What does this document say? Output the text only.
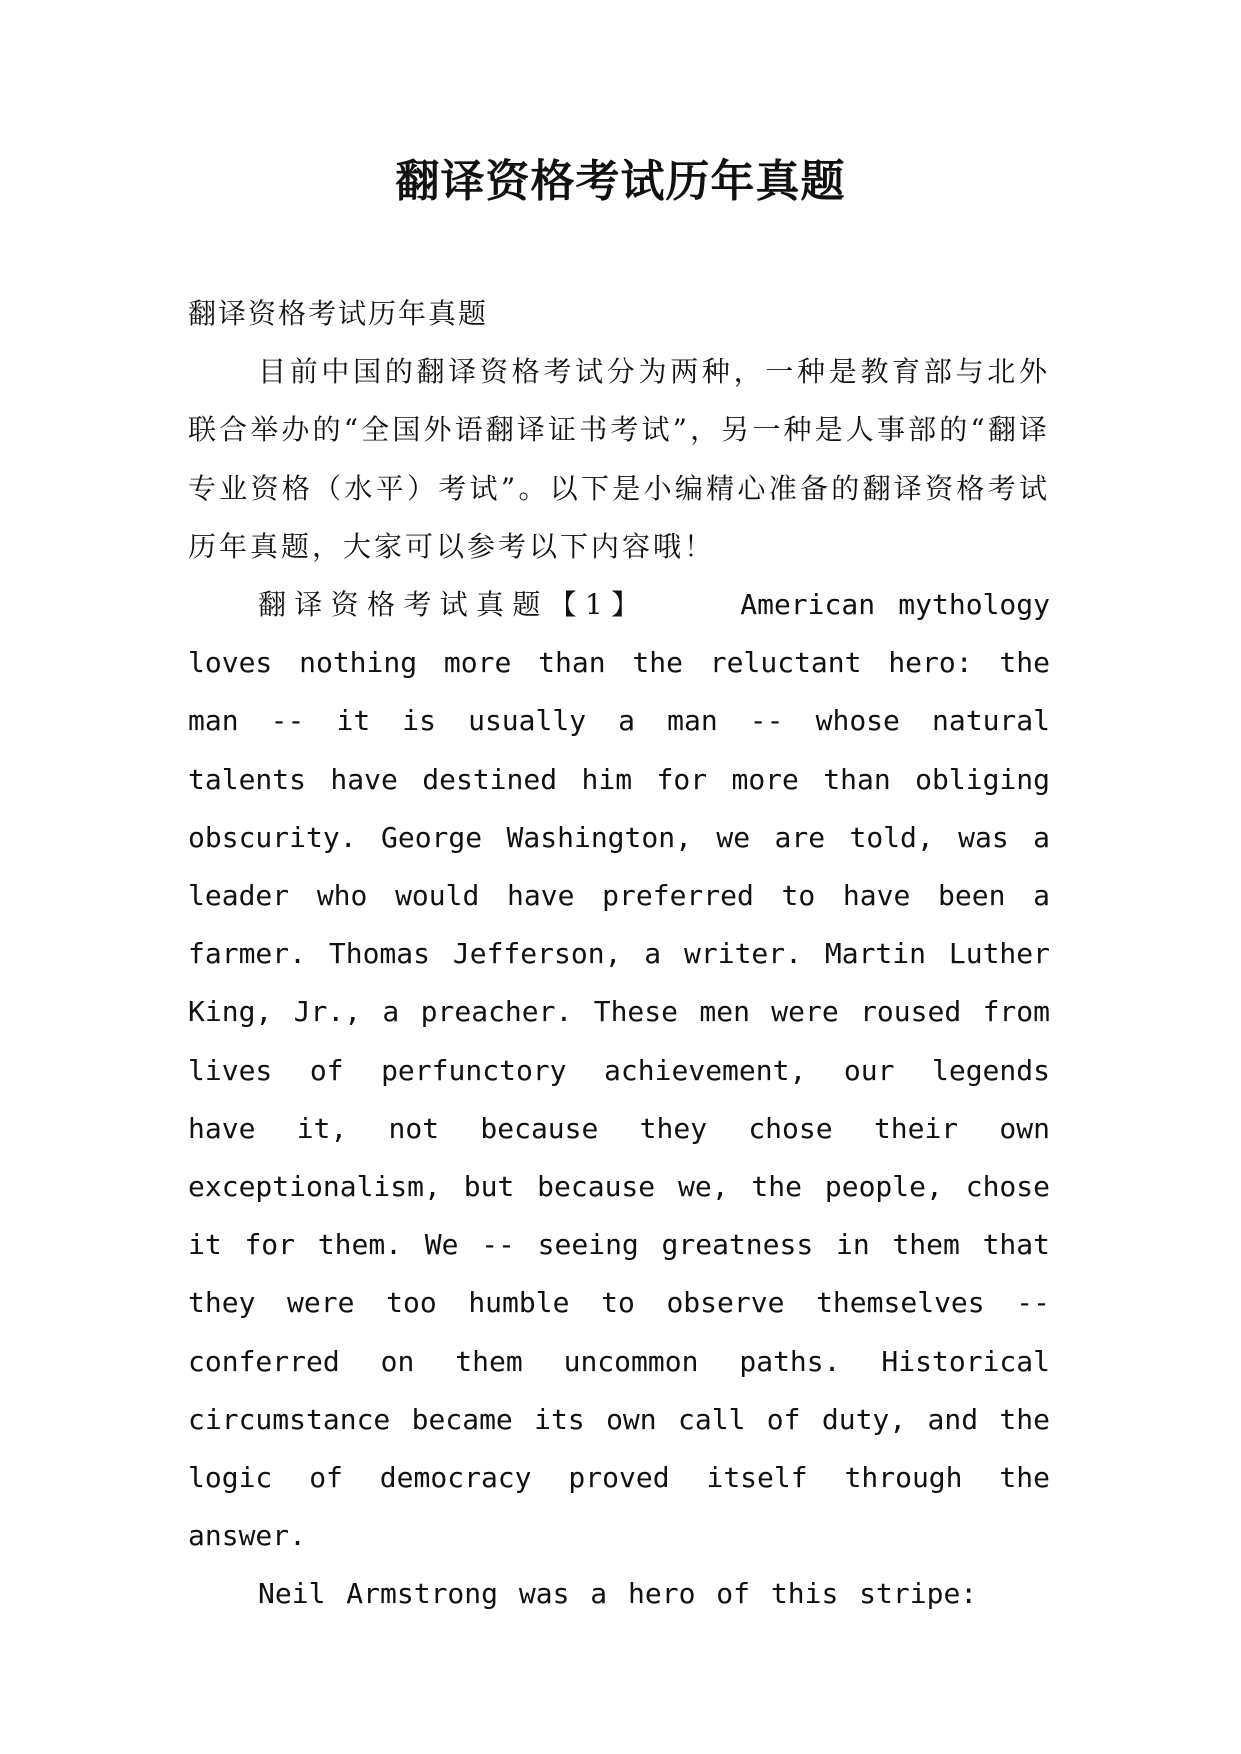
翻译资格考试历年真题

翻译资格考试历年真题

目前中国的翻译资格考试分为两种，一种是教育部与北外联合举办的“全国外语翻译证书考试”，另一种是人事部的“翻译专业资格（水平）考试”。以下是小编精心准备的翻译资格考试历年真题，大家可以参考以下内容哦！

翻译资格考试真题【1】	American mythology loves nothing more than the reluctant hero: the man -- it is usually a man -- whose natural talents have destined him for more than obliging obscurity. George Washington, we are told, was a leader who would have preferred to have been a farmer. Thomas Jefferson, a writer. Martin Luther King, Jr., a preacher. These men were roused from lives of perfunctory achievement, our legends have it, not because they chose their own exceptionalism, but because we, the people, chose it for them. We -- seeing greatness in them that they were too humble to observe themselves -- conferred on them uncommon paths. Historical circumstance became its own call of duty, and the logic of democracy proved itself through the answer.

Neil Armstrong was a hero of this stripe:
